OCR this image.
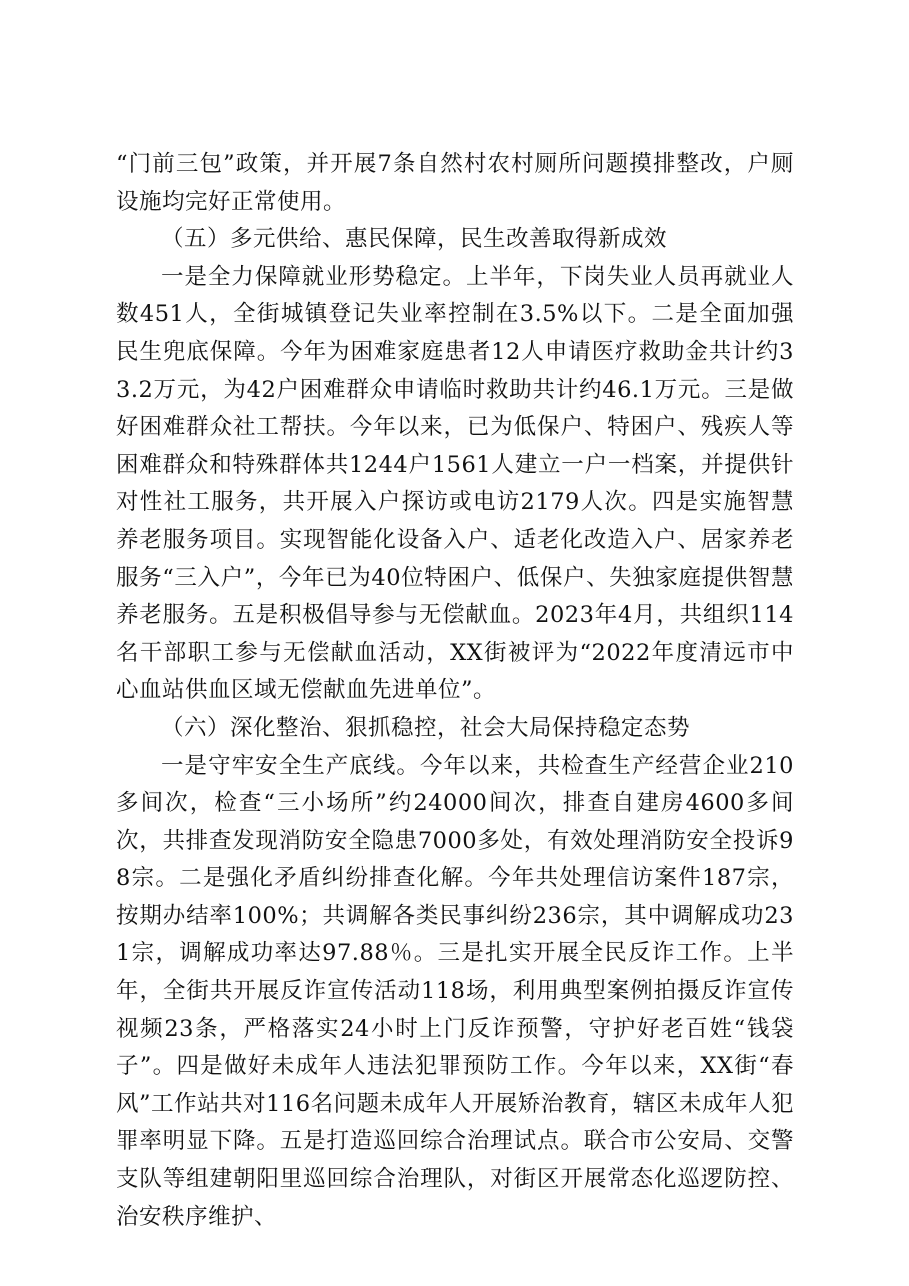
“门前三包”政策，并开展7条自然村农村厕所问题摸排整改，户厕设施均完好正常使用。

（五）多元供给、惠民保障，民生改善取得新成效

一是全力保障就业形势稳定。上半年，下岗失业人员再就业人数451人，全街城镇登记失业率控制在3.5%以下。二是全面加强民生兜底保障。今年为困难家庭患者12人申请医疗救助金共计约33.2万元，为42户困难群众申请临时救助共计约46.1万元。三是做好困难群众社工帮扶。今年以来，已为低保户、特困户、残疾人等困难群众和特殊群体共1244户1561人建立一户一档案，并提供针对性社工服务，共开展入户探访或电访2179人次。四是实施智慧养老服务项目。实现智能化设备入户、适老化改造入户、居家养老服务“三入户”，今年已为40位特困户、低保户、失独家庭提供智慧养老服务。五是积极倡导参与无偿献血。2023年4月，共组织114名干部职工参与无偿献血活动，XX街被评为“2022年度清远市中心血站供血区域无偿献血先进单位”。

（六）深化整治、狠抓稳控，社会大局保持稳定态势

一是守牢安全生产底线。今年以来，共检查生产经营企业210多间次，检查“三小场所”约24000间次，排查自建房4600多间次，共排查发现消防安全隐患7000多处，有效处理消防安全投诉98宗。二是强化矛盾纠纷排查化解。今年共处理信访案件187宗，按期办结率100%；共调解各类民事纠纷236宗，其中调解成功231宗，调解成功率达97.88％。三是扎实开展全民反诈工作。上半年，全街共开展反诈宣传活动118场，利用典型案例拍摄反诈宣传视频23条，严格落实24小时上门反诈预警，守护好老百姓“钱袋子”。四是做好未成年人违法犯罪预防工作。今年以来，XX街“春风”工作站共对116名问题未成年人开展矫治教育，辖区未成年人犯罪率明显下降。五是打造巡回综合治理试点。联合市公安局、交警支队等组建朝阳里巡回综合治理队，对街区开展常态化巡逻防控、治安秩序维护、
